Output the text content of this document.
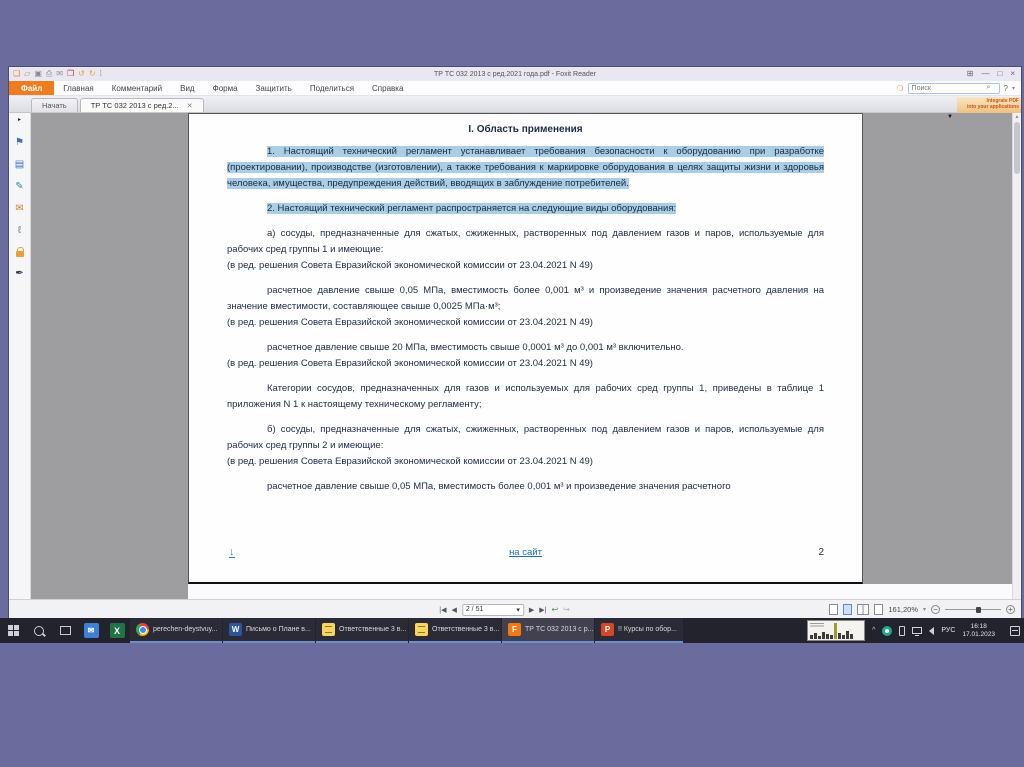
❏ ▱ ▣ ⎙ ✉ ❒ ↺ ↻ ⁞	ТР ТС 032 2013 с ред.2021 года.pdf - Foxit Reader	⊞ — □ ×
Файл	Главная	Комментарий	Вид	Форма	Защитить	Поделиться	Справка	❍
Поиск	⌕ ? ▾
Начать	ТР ТС 032 2013 с ред.2... ✕
Integrate PDF
into your applications
▼
▸
⚑
▤
✎
✉
ℓ
✒
I. Область применения

1. Настоящий технический регламент устанавливает требования безопасности к оборудованию при разработке (проектировании), производстве (изготовлении), а также требования к маркировке оборудования в целях защиты жизни и здоровья человека, имущества, предупреждения действий, вводящих в заблуждение потребителей.

2. Настоящий технический регламент распространяется на следующие виды оборудования:

а) сосуды, предназначенные для сжатых, сжиженных, растворенных под давлением газов и паров, используемые для рабочих сред группы 1 и имеющие:

(в ред. решения Совета Евразийской экономической комиссии от 23.04.2021 N 49)

расчетное давление свыше 0,05 МПа, вместимость более 0,001 м³ и произведение значения расчетного давления на значение вместимости, составляющее свыше 0,0025 МПа·м³;

(в ред. решения Совета Евразийской экономической комиссии от 23.04.2021 N 49)

расчетное давление свыше 20 МПа, вместимость свыше 0,0001 м³ до 0,001 м³ включительно.

(в ред. решения Совета Евразийской экономической комиссии от 23.04.2021 N 49)

Категории сосудов, предназначенных для газов и используемых для рабочих сред группы 1, приведены в таблице 1 приложения N 1 к настоящему техническому регламенту;

б) сосуды, предназначенные для сжатых, сжиженных, растворенных под давлением газов и паров, используемые для рабочих сред группы 2 и имеющие:

(в ред. решения Совета Евразийской экономической комиссии от 23.04.2021 N 49)

расчетное давление свыше 0,05 МПа, вместимость более 0,001 м³ и произведение значения расчетного

↓	на сайт	2
▲
|◀ ◀ 2 / 51	▾ ▶ ▶| ↩ ↪	161,20% ▾ −	+
✉	X	perechen-deystvuy...	W Письмо о Плане в...	Ответственные 3 в...	Ответственные 3 в...	F	ТР ТС 032 2013 с р...	P	!! Курсы по обор...	^	РУС
16:18
17.01.2023
